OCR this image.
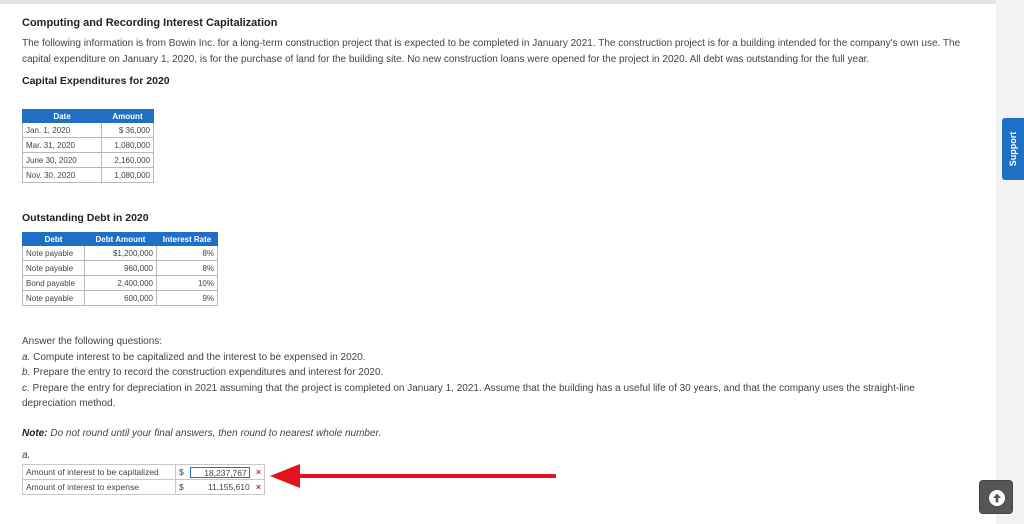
Computing and Recording Interest Capitalization

The following information is from Bowin Inc. for a long-term construction project that is expected to be completed in January 2021. The construction project is for a building intended for the company's own use. The capital expenditure on January 1, 2020, is for the purchase of land for the building site. No new construction loans were opened for the project in 2020. All debt was outstanding for the full year.

Capital Expenditures for 2020
Date	Amount
Jan. 1, 2020	$ 36,000
Mar. 31, 2020	1,080,000
June 30, 2020	2,160,000
Nov. 30, 2020	1,080,000
Outstanding Debt in 2020
Debt	Debt Amount	Interest Rate
Note payable	$1,200,000	8%
Note payable	960,000	8%
Bond payable	2,400,000	10%
Note payable	600,000	9%
Answer the following questions:
a. Compute interest to be capitalized and the interest to be expensed in 2020.
b. Prepare the entry to record the construction expenditures and interest for 2020.
c. Prepare the entry for depreciation in 2021 assuming that the project is completed on January 1, 2021. Assume that the building has a useful life of 30 years, and that the company uses the straight-line depreciation method.
Note: Do not round until your final answers, then round to nearest whole number.
a.
Amount of interest to be capitalized	$	18,237,767	×
Amount of interest to expense	$	11,155,610	×
Support
